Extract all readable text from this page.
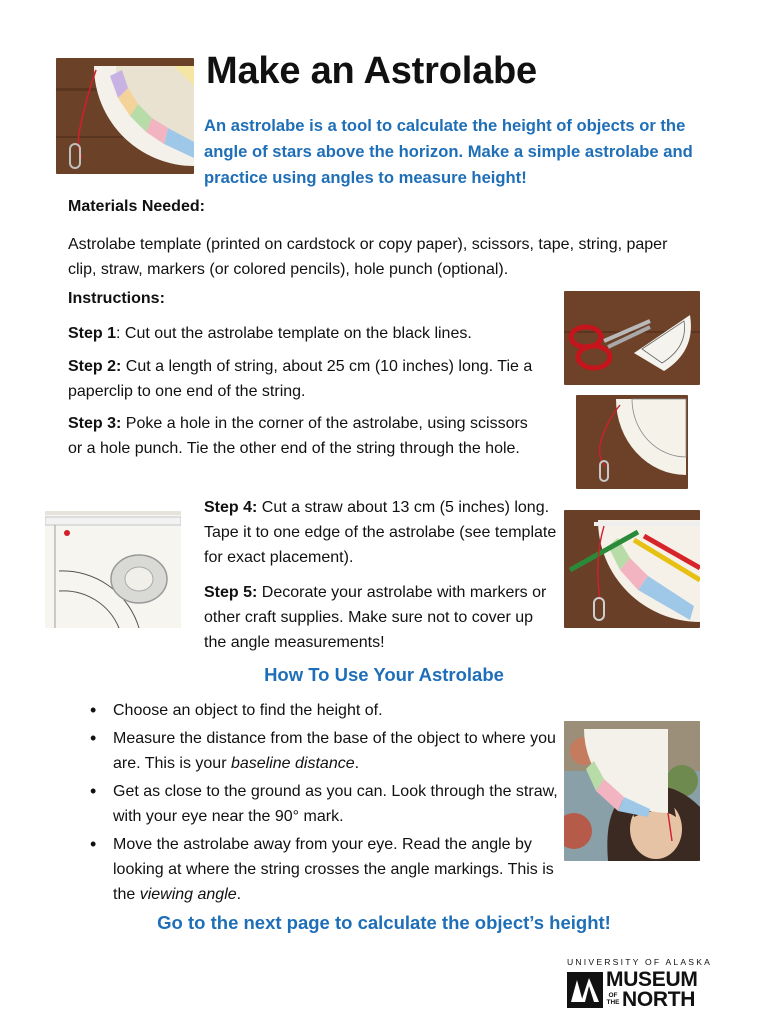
Make an Astrolabe

An astrolabe is a tool to calculate the height of objects or the angle of stars above the horizon. Make a simple astrolabe and practice using angles to measure height!

Materials Needed:

Astrolabe template (printed on cardstock or copy paper), scissors, tape, string, paper clip, straw, markers (or colored pencils), hole punch (optional).

Instructions:

Step 1: Cut out the astrolabe template on the black lines.

Step 2: Cut a length of string, about 25 cm (10 inches) long. Tie a paperclip to one end of the string.

Step 3: Poke a hole in the corner of the astrolabe, using scissors or a hole punch. Tie the other end of the string through the hole.

Step 4: Cut a straw about 13 cm (5 inches) long. Tape it to one edge of the astrolabe (see template for exact placement).

Step 5: Decorate your astrolabe with markers or other craft supplies. Make sure not to cover up the angle measurements!

How To Use Your Astrolabe
• Choose an object to find the height of.
• Measure the distance from the base of the object to where you are. This is your baseline distance.
• Get as close to the ground as you can. Look through the straw, with your eye near the 90° mark.
• Move the astrolabe away from your eye. Read the angle by looking at where the string crosses the angle markings. This is the viewing angle.

Go to the next page to calculate the object’s height!

UNIVERSITY OF ALASKA
MUSEUM
OF THE NORTH
